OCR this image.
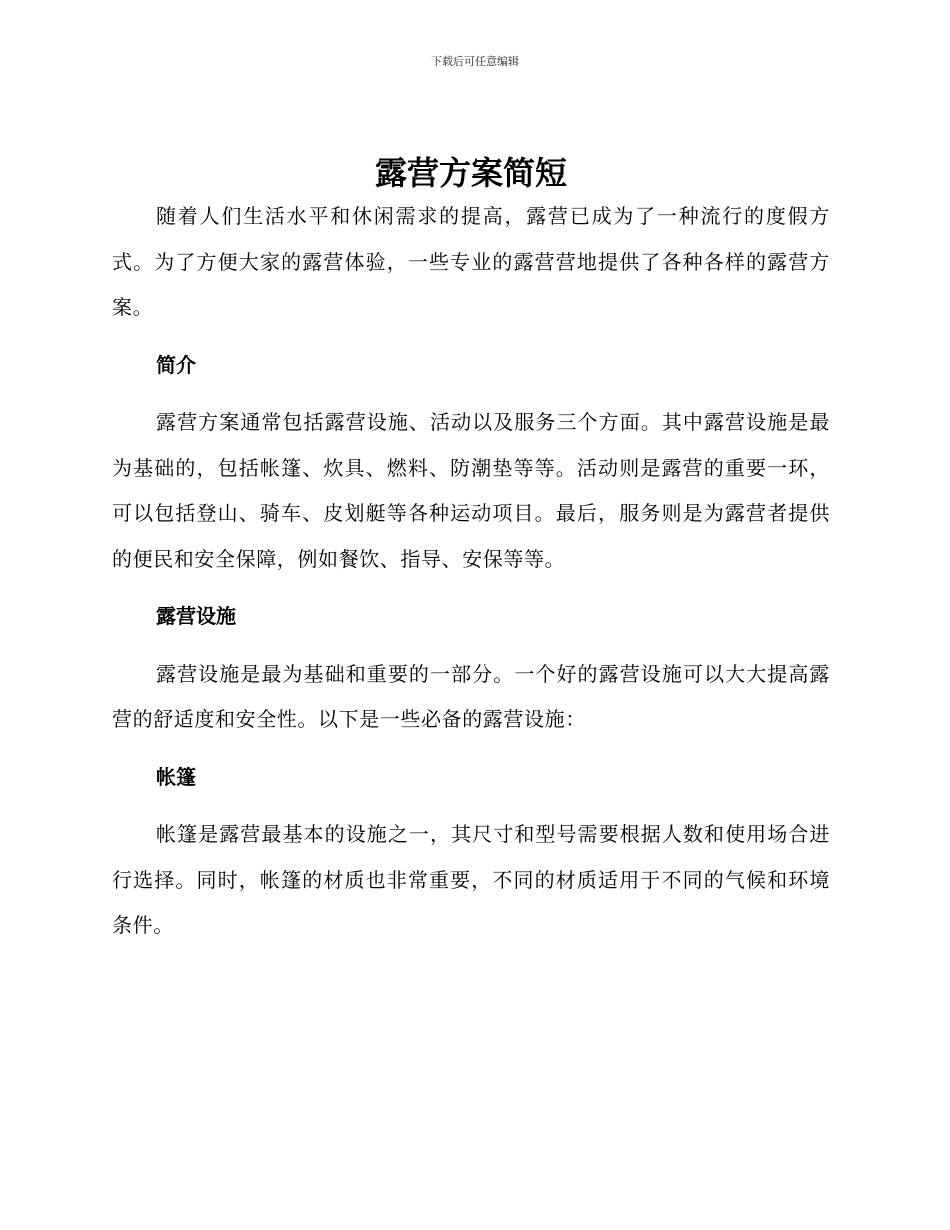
下载后可任意编辑
露营方案简短

随着人们生活水平和休闲需求的提高，露营已成为了一种流行的度假方式。为了方便大家的露营体验，一些专业的露营营地提供了各种各样的露营方案。

简介

露营方案通常包括露营设施、活动以及服务三个方面。其中露营设施是最为基础的，包括帐篷、炊具、燃料、防潮垫等等。活动则是露营的重要一环，可以包括登山、骑车、皮划艇等各种运动项目。最后，服务则是为露营者提供的便民和安全保障，例如餐饮、指导、安保等等。

露营设施

露营设施是最为基础和重要的一部分。一个好的露营设施可以大大提高露营的舒适度和安全性。以下是一些必备的露营设施：

帐篷

帐篷是露营最基本的设施之一，其尺寸和型号需要根据人数和使用场合进行选择。同时，帐篷的材质也非常重要，不同的材质适用于不同的气候和环境条件。
